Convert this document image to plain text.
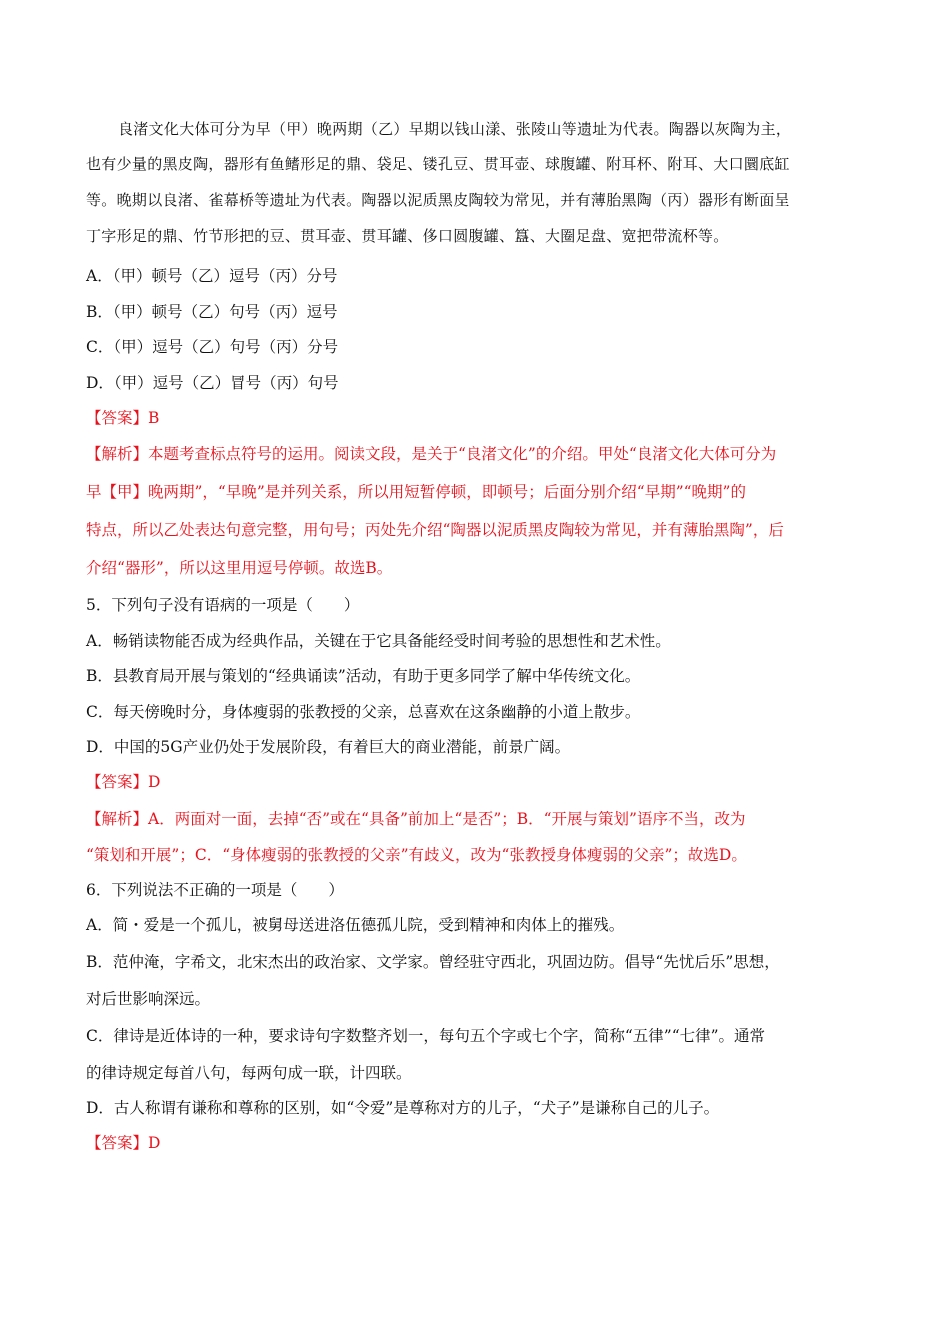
良渚文化大体可分为早（甲）晚两期（乙）早期以钱山漾、张陵山等遗址为代表。陶器以灰陶为主，
也有少量的黑皮陶，器形有鱼鳍形足的鼎、袋足、镂孔豆、贯耳壶、球腹罐、附耳杯、附耳、大口圜底缸
等。晚期以良渚、雀幕桥等遗址为代表。陶器以泥质黑皮陶较为常见，并有薄胎黑陶（丙）器形有断面呈
丁字形足的鼎、竹节形把的豆、贯耳壶、贯耳罐、侈口圆腹罐、簋、大圈足盘、宽把带流杯等。
A．（甲）顿号（乙）逗号（丙）分号
B．（甲）顿号（乙）句号（丙）逗号
C．（甲）逗号（乙）句号（丙）分号
D．（甲）逗号（乙）冒号（丙）句号
【答案】B
【解析】本题考查标点符号的运用。阅读文段，是关于“良渚文化”的介绍。甲处“良渚文化大体可分为
早【甲】晚两期”，“早晚”是并列关系，所以用短暂停顿，即顿号；后面分别介绍“早期”“晚期”的
特点，所以乙处表达句意完整，用句号；丙处先介绍“陶器以泥质黑皮陶较为常见，并有薄胎黑陶”，后
介绍“器形”，所以这里用逗号停顿。故选B。
5．下列句子没有语病的一项是（　　）
A．畅销读物能否成为经典作品，关键在于它具备能经受时间考验的思想性和艺术性。
B．县教育局开展与策划的“经典诵读”活动，有助于更多同学了解中华传统文化。
C．每天傍晚时分，身体瘦弱的张教授的父亲，总喜欢在这条幽静的小道上散步。
D．中国的5G产业仍处于发展阶段，有着巨大的商业潜能，前景广阔。
【答案】D
【解析】A．两面对一面，去掉“否”或在“具备”前加上“是否”；B．“开展与策划”语序不当，改为
“策划和开展”；C．“身体瘦弱的张教授的父亲”有歧义，改为“张教授身体瘦弱的父亲”；故选D。
6．下列说法不正确的一项是（　　）
A．简・爱是一个孤儿，被舅母送进洛伍德孤儿院，受到精神和肉体上的摧残。
B．范仲淹，字希文，北宋杰出的政治家、文学家。曾经驻守西北，巩固边防。倡导“先忧后乐”思想，
对后世影响深远。
C．律诗是近体诗的一种，要求诗句字数整齐划一，每句五个字或七个字，简称“五律”“七律”。通常
的律诗规定每首八句，每两句成一联，计四联。
D．古人称谓有谦称和尊称的区别，如“令爱”是尊称对方的儿子，“犬子”是谦称自己的儿子。
【答案】D
